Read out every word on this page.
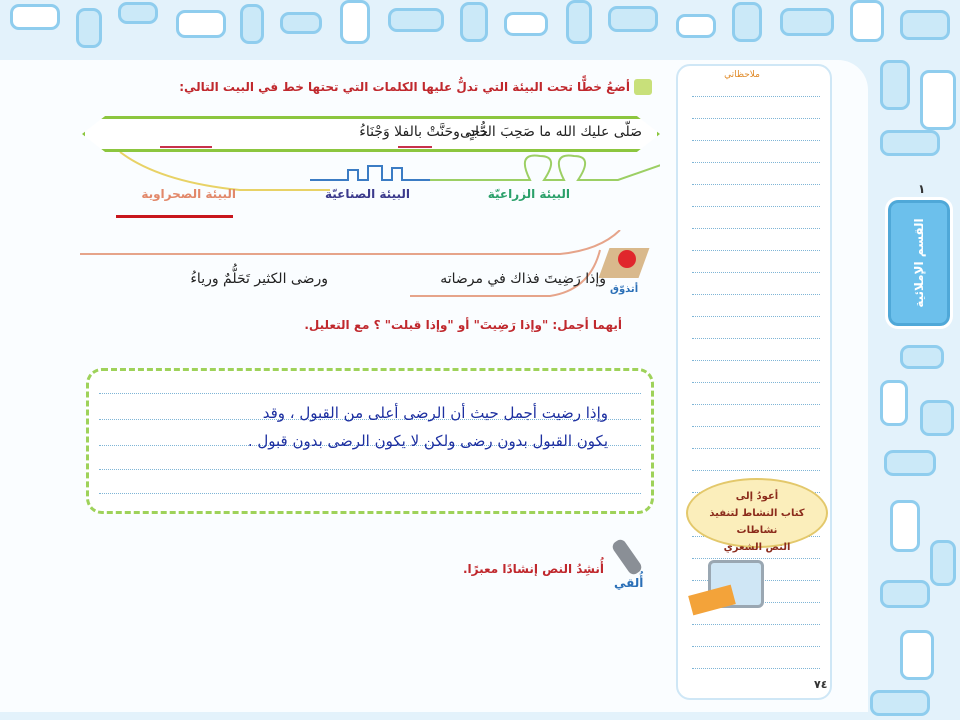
أضعُ خطًّا تحت البيئة التي تدلُّ عليها الكلمات التي تحتها خط في البيت التالي:
صَلّى عليك الله ما صَحِبَ الدُّجى
حادٍ، وحَنَّتْ بالفلا وَجْنَاءُ
البيئة الزراعيّة
البيئة الصناعيّة
البيئة الصحراوية
أتذوّق
وإذا رَضِيتَ فذاك في مرضاته
ورضى الكثير تَحَلُّمٌ ورياءُ
أيهما أجمل: "وإذا رَضِيتَ" أو "وإذا قبلت" ؟ مع التعليل.
وإذا رضيت أجمل حيث أن الرضى أعلى من القبول ، وقد
يكون القبول بدون رضى ولكن لا يكون الرضى بدون قبول .
أُلقي
أُنشِدُ النص إنشادًا معبرًا.
ملاحظاتي
أعودُ إلى
كتاب النشاط لتنفيذ نشاطات
النص الشعري
٧٤
١
القسم الإملائية
